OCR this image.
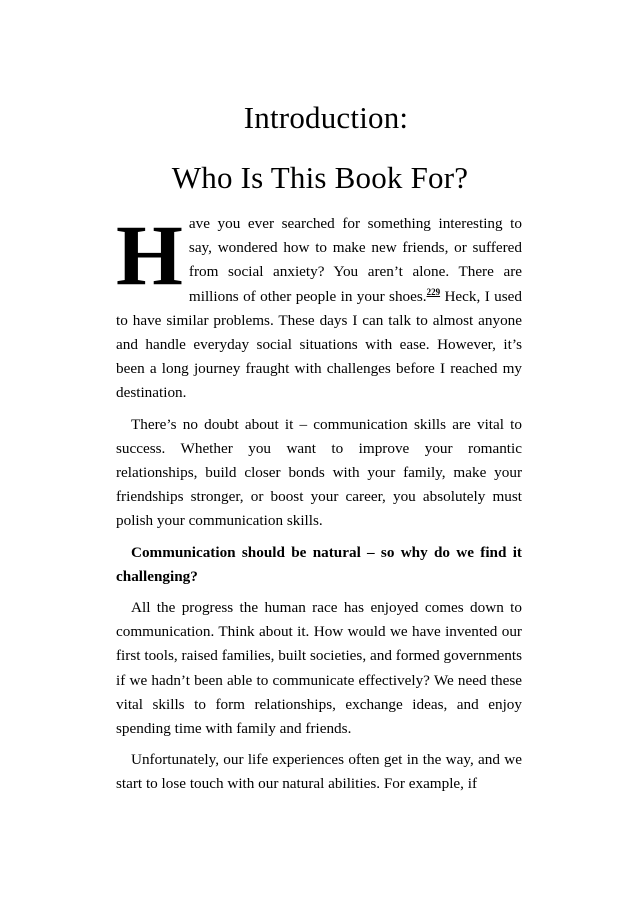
Introduction:
Who Is This Book For?

Have you ever searched for something interesting to say, wondered how to make new friends, or suffered from social anxiety? You aren’t alone. There are millions of other people in your shoes.$^{229}$ Heck, I used to have similar problems. These days I can talk to almost anyone and handle everyday social situations with ease. However, it’s been a long journey fraught with challenges before I reached my destination.

There’s no doubt about it – communication skills are vital to success. Whether you want to improve your romantic relationships, build closer bonds with your family, make your friendships stronger, or boost your career, you absolutely must polish your communication skills.

Communication should be natural – so why do we find it challenging?

All the progress the human race has enjoyed comes down to communication. Think about it. How would we have invented our first tools, raised families, built societies, and formed governments if we hadn’t been able to communicate effectively? We need these vital skills to form relationships, exchange ideas, and enjoy spending time with family and friends.

Unfortunately, our life experiences often get in the way, and we start to lose touch with our natural abilities. For example, if
